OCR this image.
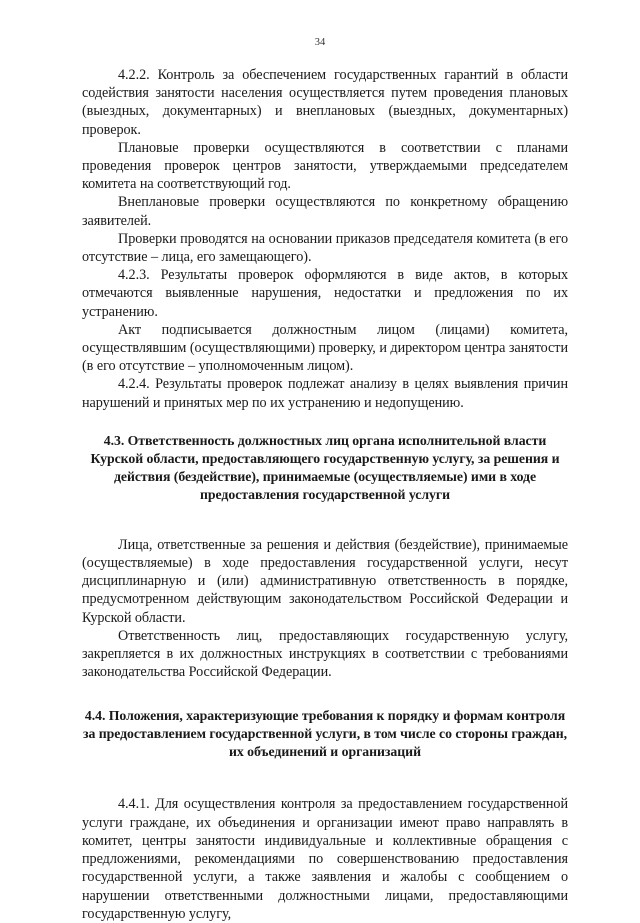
34

4.2.2. Контроль за обеспечением государственных гарантий в области содействия занятости населения осуществляется путем проведения плановых (выездных, документарных) и внеплановых (выездных, документарных) проверок.

Плановые проверки осуществляются в соответствии с планами проведения проверок центров занятости, утверждаемыми председателем комитета на соответствующий год.

Внеплановые проверки осуществляются по конкретному обращению заявителей.

Проверки проводятся на основании приказов председателя комитета (в его отсутствие – лица, его замещающего).

4.2.3. Результаты проверок оформляются в виде актов, в которых отмечаются выявленные нарушения, недостатки и предложения по их устранению.

Акт подписывается должностным лицом (лицами) комитета, осуществлявшим (осуществляющими) проверку, и директором центра занятости (в его отсутствие – уполномоченным лицом).

4.2.4. Результаты проверок подлежат анализу в целях выявления причин нарушений и принятых мер по их устранению и недопущению.

4.3. Ответственность должностных лиц органа исполнительной власти Курской области, предоставляющего государственную услугу, за решения и действия (бездействие), принимаемые (осуществляемые) ими в ходе предоставления государственной услуги

Лица, ответственные за решения и действия (бездействие), принимаемые (осуществляемые) в ходе предоставления государственной услуги, несут дисциплинарную и (или) административную ответственность в порядке, предусмотренном действующим законодательством Российской Федерации и Курской области.

Ответственность лиц, предоставляющих государственную услугу, закрепляется в их должностных инструкциях в соответствии с требованиями законодательства Российской Федерации.

4.4. Положения, характеризующие требования к порядку и формам контроля за предоставлением государственной услуги, в том числе со стороны граждан, их объединений и организаций

4.4.1. Для осуществления контроля за предоставлением государственной услуги граждане, их объединения и организации имеют право направлять в комитет, центры занятости индивидуальные и коллективные обращения с предложениями, рекомендациями по совершенствованию предоставления государственной услуги, а также заявления и жалобы с сообщением о нарушении ответственными должностными лицами, предоставляющими государственную услугу,
